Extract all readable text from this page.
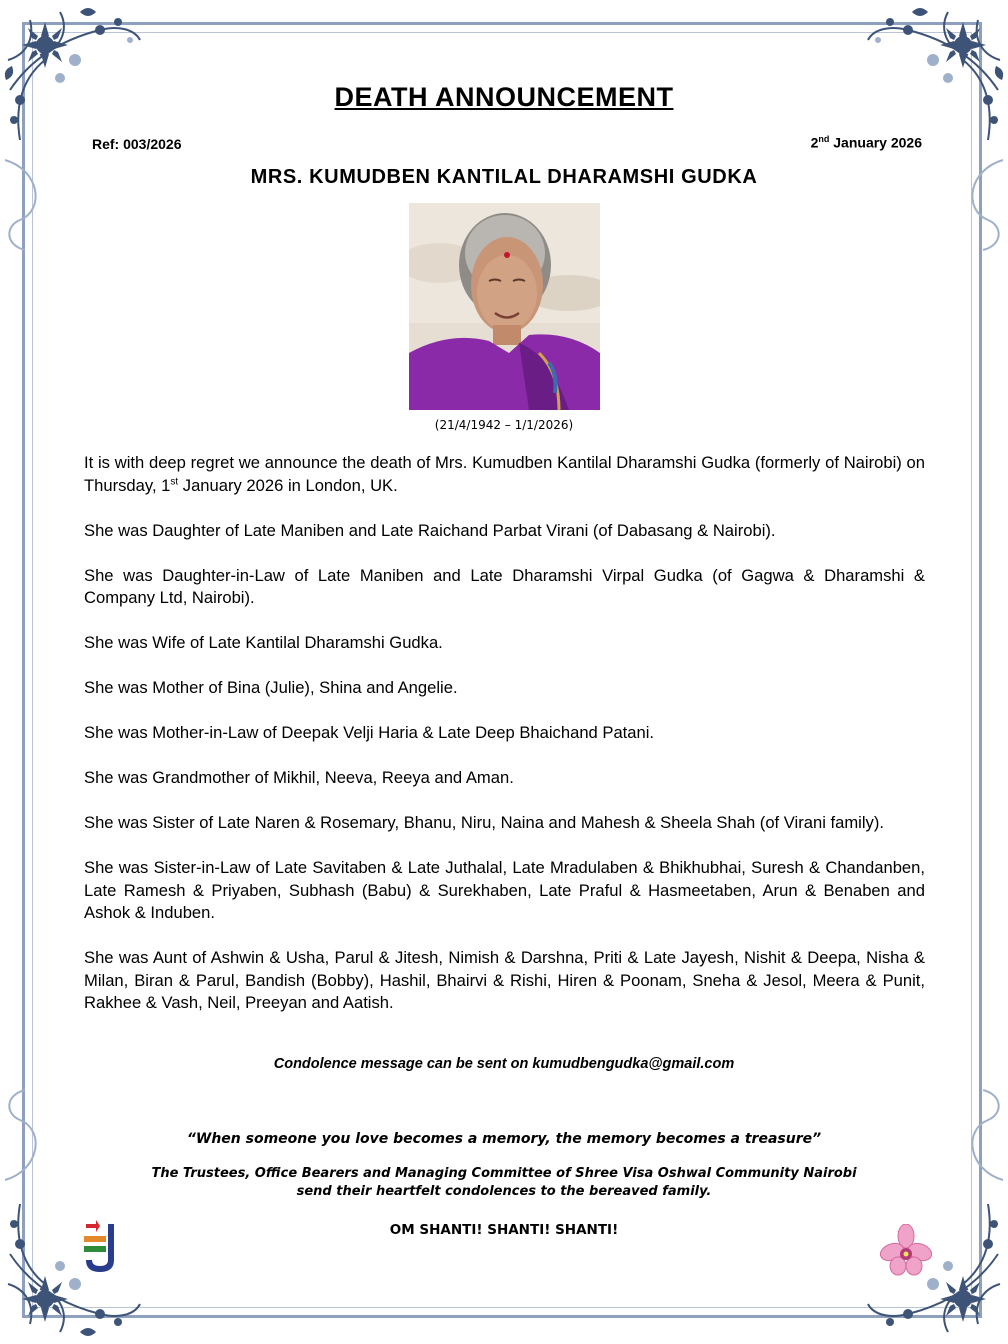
DEATH ANNOUNCEMENT
Ref: 003/2026	2nd January 2026
MRS. KUMUDBEN KANTILAL DHARAMSHI GUDKA
(21/4/1942 – 1/1/2026)

It is with deep regret we announce the death of Mrs. Kumudben Kantilal Dharamshi Gudka (formerly of Nairobi) on Thursday, 1st January 2026 in London, UK.

She was Daughter of Late Maniben and Late Raichand Parbat Virani (of Dabasang & Nairobi).

She was Daughter-in-Law of Late Maniben and Late Dharamshi Virpal Gudka (of Gagwa & Dharamshi & Company Ltd, Nairobi).

She was Wife of Late Kantilal Dharamshi Gudka.

She was Mother of Bina (Julie), Shina and Angelie.

She was Mother-in-Law of Deepak Velji Haria & Late Deep Bhaichand Patani.

She was Grandmother of Mikhil, Neeva, Reeya and Aman.

She was Sister of Late Naren & Rosemary, Bhanu, Niru, Naina and Mahesh & Sheela Shah (of Virani family).

She was Sister-in-Law of Late Savitaben & Late Juthalal, Late Mradulaben & Bhikhubhai, Suresh & Chandanben, Late Ramesh & Priyaben, Subhash (Babu) & Surekhaben, Late Praful & Hasmeetaben, Arun & Benaben and Ashok & Induben.

She was Aunt of Ashwin & Usha, Parul & Jitesh, Nimish & Darshna, Priti & Late Jayesh, Nishit & Deepa, Nisha & Milan, Biran & Parul, Bandish (Bobby), Hashil, Bhairvi & Rishi, Hiren & Poonam, Sneha & Jesol, Meera & Punit, Rakhee & Vash, Neil, Preeyan and Aatish.

Condolence message can be sent on kumudbengudka@gmail.com
“When someone you love becomes a memory, the memory becomes a treasure”
The Trustees, Office Bearers and Managing Committee of Shree Visa Oshwal Community Nairobi
send their heartfelt condolences to the bereaved family.
OM SHANTI! SHANTI! SHANTI!
